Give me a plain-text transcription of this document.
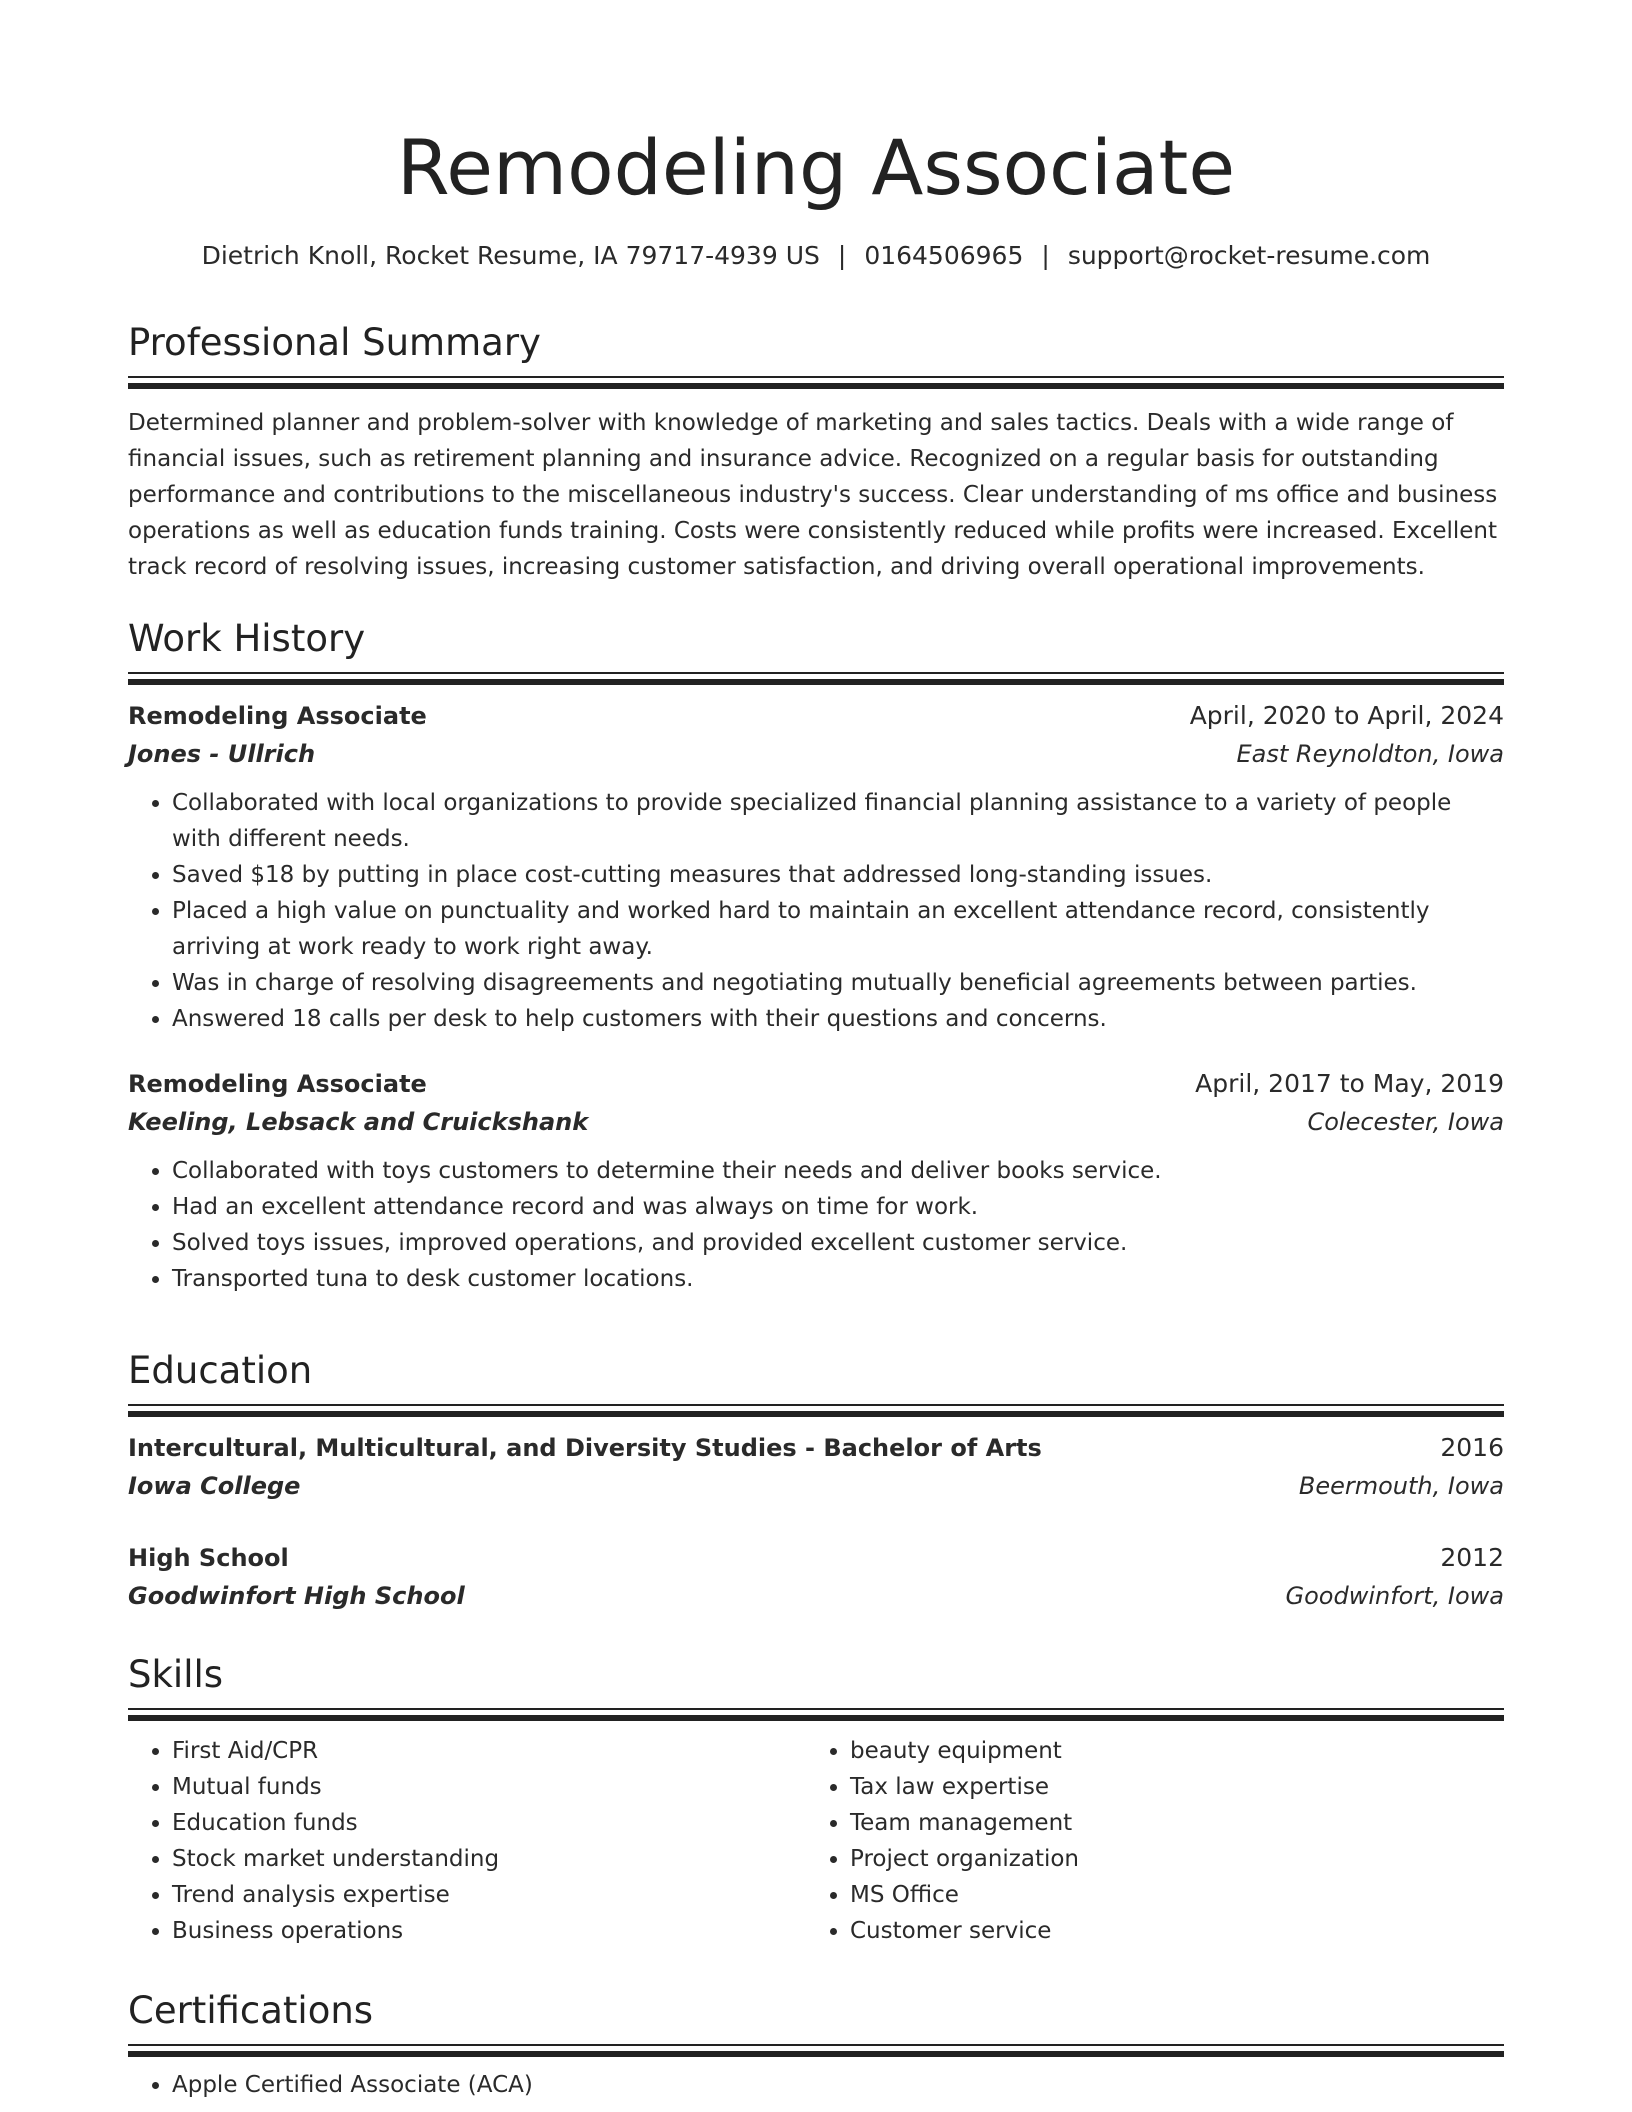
Remodeling Associate
Dietrich Knoll, Rocket Resume, IA 79717-4939 US | 0164506965 | support@rocket-resume.com
Professional Summary
Determined planner and problem-solver with knowledge of marketing and sales tactics. Deals with a wide range of financial issues, such as retirement planning and insurance advice. Recognized on a regular basis for outstanding performance and contributions to the miscellaneous industry's success. Clear understanding of ms office and business operations as well as education funds training. Costs were consistently reduced while profits were increased. Excellent track record of resolving issues, increasing customer satisfaction, and driving overall operational improvements.
Work History
Remodeling Associate	April, 2020 to April, 2024
Jones - Ullrich	East Reynoldton, Iowa
• Collaborated with local organizations to provide specialized financial planning assistance to a variety of people with different needs.
• Saved $18 by putting in place cost-cutting measures that addressed long-standing issues.
• Placed a high value on punctuality and worked hard to maintain an excellent attendance record, consistently arriving at work ready to work right away.
• Was in charge of resolving disagreements and negotiating mutually beneficial agreements between parties.
• Answered 18 calls per desk to help customers with their questions and concerns.
Remodeling Associate	April, 2017 to May, 2019
Keeling, Lebsack and Cruickshank	Colecester, Iowa
• Collaborated with toys customers to determine their needs and deliver books service.
• Had an excellent attendance record and was always on time for work.
• Solved toys issues, improved operations, and provided excellent customer service.
• Transported tuna to desk customer locations.
Education
Intercultural, Multicultural, and Diversity Studies - Bachelor of Arts	2016
Iowa College	Beermouth, Iowa
High School	2012
Goodwinfort High School	Goodwinfort, Iowa
Skills
• First Aid/CPR
• Mutual funds
• Education funds
• Stock market understanding
• Trend analysis expertise
• Business operations
• beauty equipment
• Tax law expertise
• Team management
• Project organization
• MS Office
• Customer service
Certifications
• Apple Certified Associate (ACA)
